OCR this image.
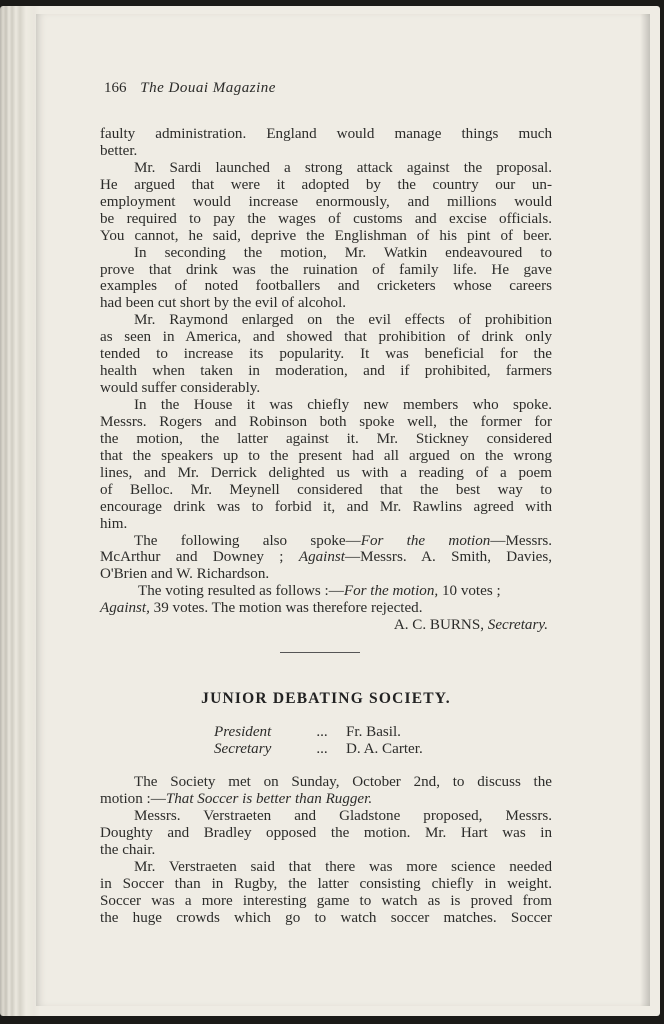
166 The Douai Magazine
faulty administration. England would manage things much
better.
Mr. Sardi launched a strong attack against the proposal.
He argued that were it adopted by the country our un-
employment would increase enormously, and millions would
be required to pay the wages of customs and excise officials.
You cannot, he said, deprive the Englishman of his pint of beer.
In seconding the motion, Mr. Watkin endeavoured to
prove that drink was the ruination of family life. He gave
examples of noted footballers and cricketers whose careers
had been cut short by the evil of alcohol.
Mr. Raymond enlarged on the evil effects of prohibition
as seen in America, and showed that prohibition of drink only
tended to increase its popularity. It was beneficial for the
health when taken in moderation, and if prohibited, farmers
would suffer considerably.
In the House it was chiefly new members who spoke.
Messrs. Rogers and Robinson both spoke well, the former for
the motion, the latter against it. Mr. Stickney considered
that the speakers up to the present had all argued on the wrong
lines, and Mr. Derrick delighted us with a reading of a poem
of Belloc. Mr. Meynell considered that the best way to
encourage drink was to forbid it, and Mr. Rawlins agreed with
him.
The following also spoke—For the motion—Messrs.
McArthur and Downey ; Against—Messrs. A. Smith, Davies,
O'Brien and W. Richardson.
The voting resulted as follows :—For the motion, 10 votes ;
Against, 39 votes. The motion was therefore rejected.
A. C. BURNS, Secretary.
JUNIOR DEBATING SOCIETY.
President	...	Fr. Basil.
Secretary	...	D. A. Carter.
The Society met on Sunday, October 2nd, to discuss the
motion :—That Soccer is better than Rugger.
Messrs. Verstraeten and Gladstone proposed, Messrs.
Doughty and Bradley opposed the motion. Mr. Hart was in
the chair.
Mr. Verstraeten said that there was more science needed
in Soccer than in Rugby, the latter consisting chiefly in weight.
Soccer was a more interesting game to watch as is proved from
the huge crowds which go to watch soccer matches. Soccer
